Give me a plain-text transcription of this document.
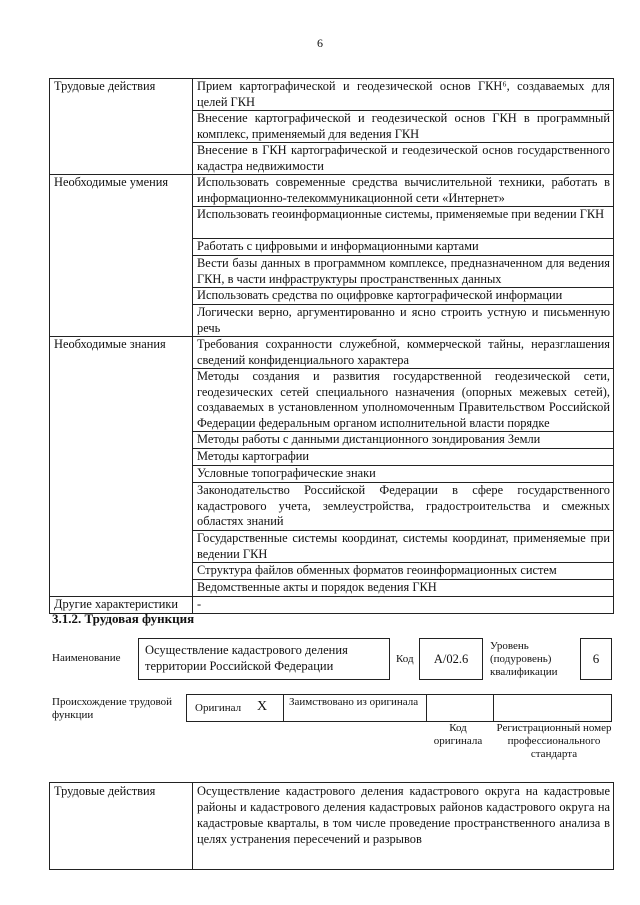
6
Трудовые действия	Прием картографической и геодезической основ ГКН⁶, создаваемых для целей ГКН
	Внесение картографической и геодезической основ ГКН в программный комплекс, применяемый для ведения ГКН
	Внесение в ГКН картографической и геодезической основ государственного кадастра недвижимости
Необходимые умения	Использовать современные средства вычислительной техники, работать в информационно-телекоммуникационной сети «Интернет»
	Использовать геоинформационные системы, применяемые при ведении ГКН
	Работать с цифровыми и информационными картами
	Вести базы данных в программном комплексе, предназначенном для ведения ГКН, в части инфраструктуры пространственных данных
	Использовать средства по оцифровке картографической информации
	Логически верно, аргументированно и ясно строить устную и письменную речь
Необходимые знания	Требования сохранности служебной, коммерческой тайны, неразглашения сведений конфиденциального характера
	Методы создания и развития государственной геодезической сети, геодезических сетей специального назначения (опорных межевых сетей), создаваемых в установленном уполномоченным Правительством Российской Федерации федеральным органом исполнительной власти порядке
	Методы работы с данными дистанционного зондирования Земли
	Методы картографии
	Условные топографические знаки
	Законодательство Российской Федерации в сфере государственного кадастрового учета, землеустройства, градостроительства и смежных областях знаний
	Государственные системы координат, системы координат, применяемые при ведении ГКН
	Структура файлов обменных форматов геоинформационных систем
	Ведомственные акты и порядок ведения ГКН
Другие характеристики	-
3.1.2. Трудовая функция
Наименование
Осуществление кадастрового деления территории Российской Федерации	Код	А/02.6
Уровень (подуровень) квалификации
6
Происхождение трудовой функции
Оригинал X Заимствовано из оригинала
Код оригинала
Регистрационный номер профессионального стандарта
Трудовые действия	Осуществление кадастрового деления кадастрового округа на кадастровые районы и кадастрового деления кадастровых районов кадастрового округа на кадастровые кварталы, в том числе проведение пространственного анализа в целях устранения пересечений и разрывов
